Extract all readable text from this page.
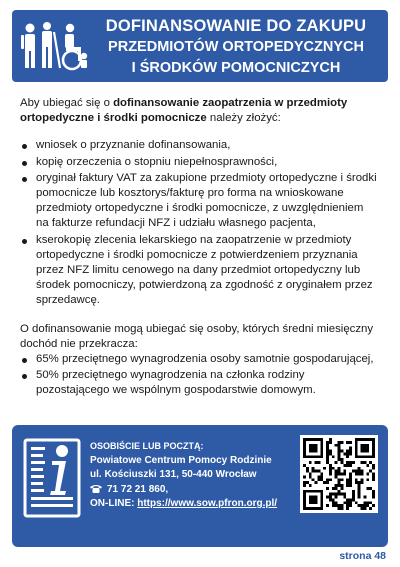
DOFINANSOWANIE DO ZAKUPU
PRZEDMIOTÓW ORTOPEDYCZNYCH
I ŚRODKÓW POMOCNICZYCH

Aby ubiegać się o dofinansowanie zaopatrzenia w przedmioty ortopedyczne i środki pomocnicze należy złożyć:

wniosek o przyznanie dofinansowania,
kopię orzeczenia o stopniu niepełnosprawności,
oryginał faktury VAT za zakupione przedmioty ortopedyczne i środki pomocnicze lub kosztorys/fakturę pro forma na wnioskowane przedmioty ortopedyczne i środki pomocnicze, z uwzględnieniem na fakturze refundacji NFZ i udziału własnego pacjenta,
kserokopię zlecenia lekarskiego na zaopatrzenie w przedmioty ortopedyczne i środki pomocnicze z potwierdzeniem przyznania przez NFZ limitu cenowego na dany przedmiot ortopedyczny lub środek pomocniczy, potwierdzoną za zgodność z oryginałem przez sprzedawcę.

O dofinansowanie mogą ubiegać się osoby, których średni miesięczny dochód nie przekracza:

65% przeciętnego wynagrodzenia osoby samotnie gospodarującej,
50% przeciętnego wynagrodzenia na członka rodziny pozostającego we wspólnym gospodarstwie domowym.
OSOBIŚCIE LUB POCZTĄ:
Powiatowe Centrum Pomocy Rodzinie
ul. Kościuszki 131, 50-440 Wrocław
71 72 21 860,
ON-LINE: https://www.sow.pfron.org.pl/
strona 48
